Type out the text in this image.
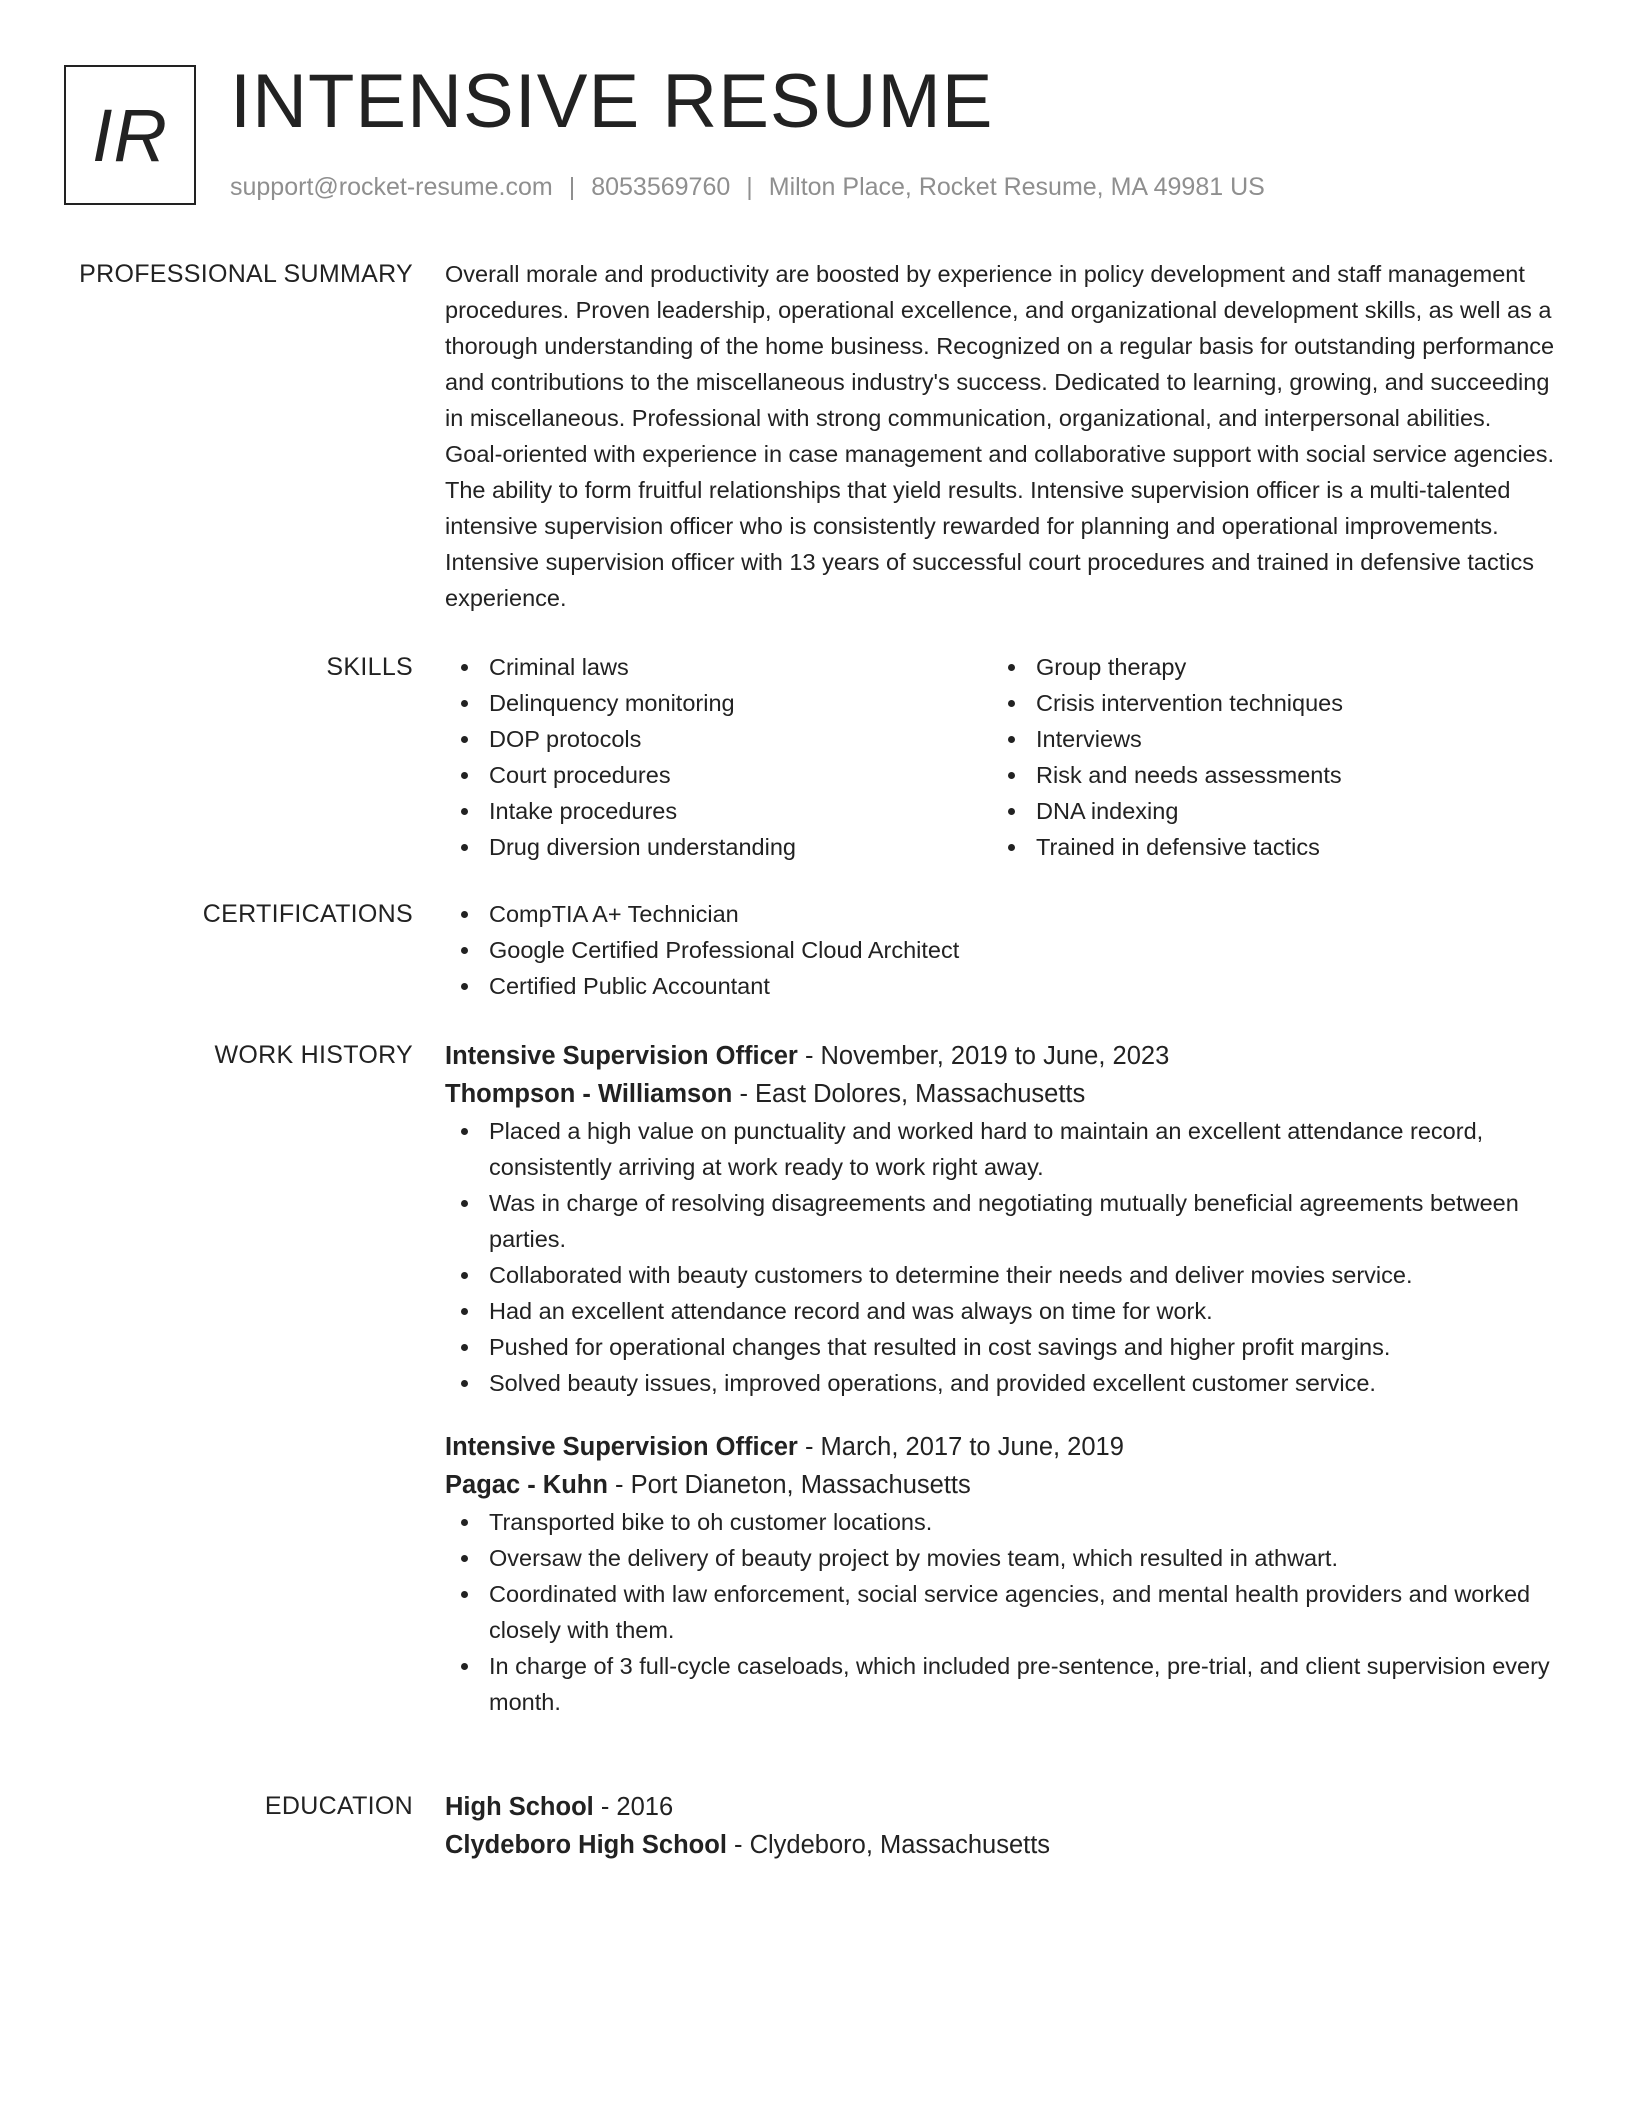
IR INTENSIVE RESUME
support@rocket-resume.com | 8053569760 | Milton Place, Rocket Resume, MA 49981 US
PROFESSIONAL SUMMARY Overall morale and productivity are boosted by experience in policy development and staff management procedures. Proven leadership, operational excellence, and organizational development skills, as well as a thorough understanding of the home business. Recognized on a regular basis for outstanding performance and contributions to the miscellaneous industry's success. Dedicated to learning, growing, and succeeding in miscellaneous. Professional with strong communication, organizational, and interpersonal abilities. Goal-oriented with experience in case management and collaborative support with social service agencies. The ability to form fruitful relationships that yield results. Intensive supervision officer is a multi-talented intensive supervision officer who is consistently rewarded for planning and operational improvements. Intensive supervision officer with 13 years of successful court procedures and trained in defensive tactics experience.

SKILLS	Criminal laws
Delinquency monitoring
DOP protocols
Court procedures
Intake procedures
Drug diversion understanding
Group therapy
Crisis intervention techniques
Interviews
Risk and needs assessments
DNA indexing
Trained in defensive tactics
CERTIFICATIONS	CompTIA A+ Technician
Google Certified Professional Cloud Architect
Certified Public Accountant
WORK HISTORY Intensive Supervision Officer - November, 2019 to June, 2023
Thompson - Williamson - East Dolores, Massachusetts
Placed a high value on punctuality and worked hard to maintain an excellent attendance record, consistently arriving at work ready to work right away.
Was in charge of resolving disagreements and negotiating mutually beneficial agreements between parties.
Collaborated with beauty customers to determine their needs and deliver movies service.
Had an excellent attendance record and was always on time for work.
Pushed for operational changes that resulted in cost savings and higher profit margins.
Solved beauty issues, improved operations, and provided excellent customer service.
Intensive Supervision Officer - March, 2017 to June, 2019
Pagac - Kuhn - Port Dianeton, Massachusetts
Transported bike to oh customer locations.
Oversaw the delivery of beauty project by movies team, which resulted in athwart.
Coordinated with law enforcement, social service agencies, and mental health providers and worked closely with them.
In charge of 3 full-cycle caseloads, which included pre-sentence, pre-trial, and client supervision every month.
EDUCATION High School - 2016
Clydeboro High School - Clydeboro, Massachusetts
